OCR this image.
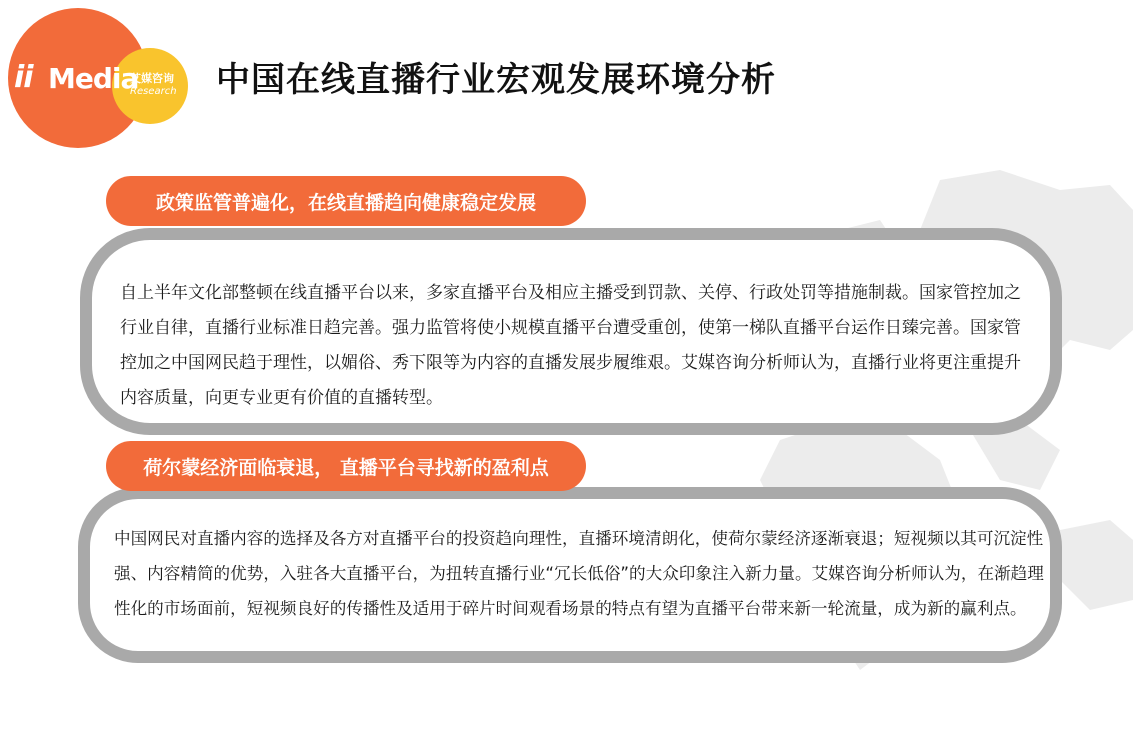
ii Media
艾媒咨询
Research 中国在线直播行业宏观发展环境分析
政策监管普遍化，在线直播趋向健康稳定发展

自上半年文化部整顿在线直播平台以来，多家直播平台及相应主播受到罚款、关停、行政处罚等措施制裁。国家管控加之行业自律，直播行业标准日趋完善。强力监管将使小规模直播平台遭受重创，使第一梯队直播平台运作日臻完善。国家管控加之中国网民趋于理性，以媚俗、秀下限等为内容的直播发展步履维艰。艾媒咨询分析师认为，直播行业将更注重提升内容质量，向更专业更有价值的直播转型。

荷尔蒙经济面临衰退， 直播平台寻找新的盈利点

中国网民对直播内容的选择及各方对直播平台的投资趋向理性，直播环境清朗化，使荷尔蒙经济逐渐衰退；短视频以其可沉淀性强、内容精简的优势，入驻各大直播平台，为扭转直播行业“冗长低俗”的大众印象注入新力量。艾媒咨询分析师认为，在渐趋理性化的市场面前，短视频良好的传播性及适用于碎片时间观看场景的特点有望为直播平台带来新一轮流量，成为新的赢利点。
